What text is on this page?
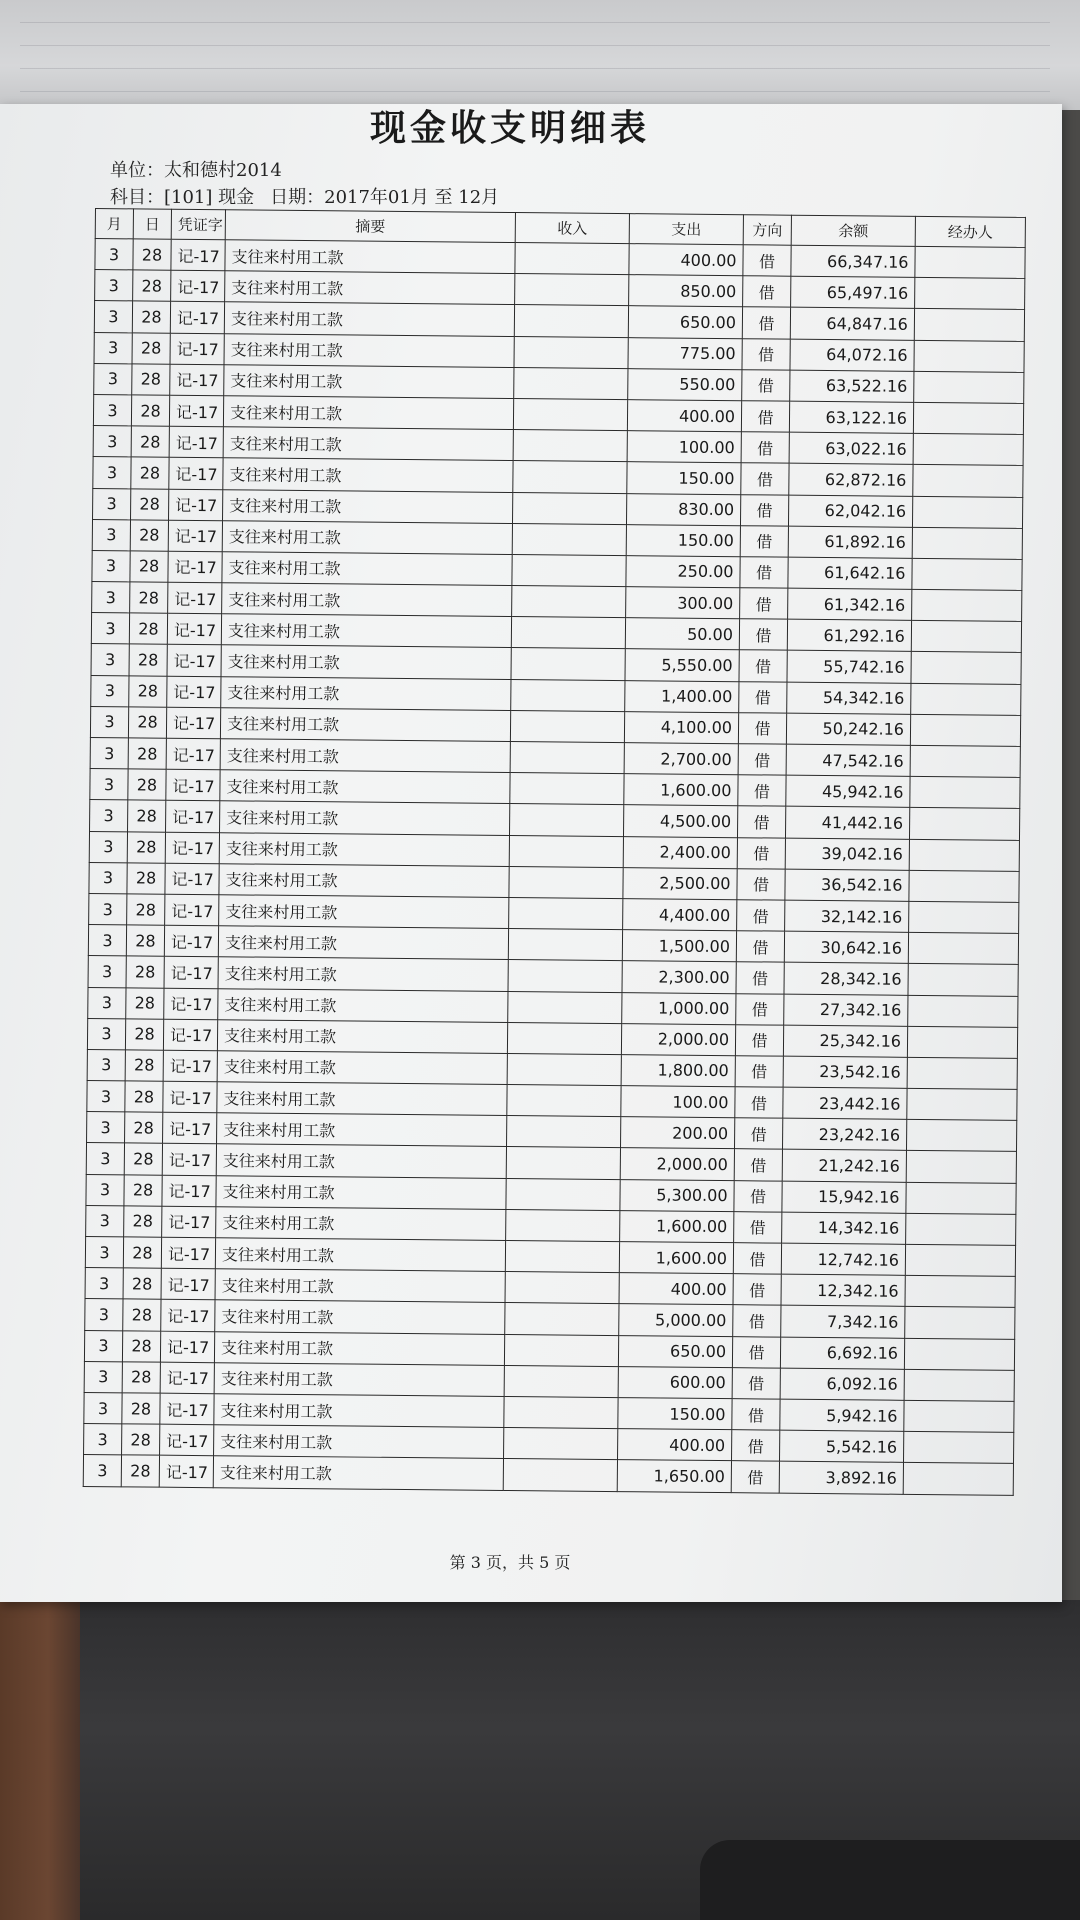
现金收支明细表
单位：太和德村2014
科目：[101] 现金 日期：2017年01月 至 12月
月	日	凭证字	摘要	收入	支出	方向	余额	经办人
3	28	记-17	支往来村用工款		400.00	借	66,347.16	
3	28	记-17	支往来村用工款		850.00	借	65,497.16	
3	28	记-17	支往来村用工款		650.00	借	64,847.16	
3	28	记-17	支往来村用工款		775.00	借	64,072.16	
3	28	记-17	支往来村用工款		550.00	借	63,522.16	
3	28	记-17	支往来村用工款		400.00	借	63,122.16	
3	28	记-17	支往来村用工款		100.00	借	63,022.16	
3	28	记-17	支往来村用工款		150.00	借	62,872.16	
3	28	记-17	支往来村用工款		830.00	借	62,042.16	
3	28	记-17	支往来村用工款		150.00	借	61,892.16	
3	28	记-17	支往来村用工款		250.00	借	61,642.16	
3	28	记-17	支往来村用工款		300.00	借	61,342.16	
3	28	记-17	支往来村用工款		50.00	借	61,292.16	
3	28	记-17	支往来村用工款		5,550.00	借	55,742.16	
3	28	记-17	支往来村用工款		1,400.00	借	54,342.16	
3	28	记-17	支往来村用工款		4,100.00	借	50,242.16	
3	28	记-17	支往来村用工款		2,700.00	借	47,542.16	
3	28	记-17	支往来村用工款		1,600.00	借	45,942.16	
3	28	记-17	支往来村用工款		4,500.00	借	41,442.16	
3	28	记-17	支往来村用工款		2,400.00	借	39,042.16	
3	28	记-17	支往来村用工款		2,500.00	借	36,542.16	
3	28	记-17	支往来村用工款		4,400.00	借	32,142.16	
3	28	记-17	支往来村用工款		1,500.00	借	30,642.16	
3	28	记-17	支往来村用工款		2,300.00	借	28,342.16	
3	28	记-17	支往来村用工款		1,000.00	借	27,342.16	
3	28	记-17	支往来村用工款		2,000.00	借	25,342.16	
3	28	记-17	支往来村用工款		1,800.00	借	23,542.16	
3	28	记-17	支往来村用工款		100.00	借	23,442.16	
3	28	记-17	支往来村用工款		200.00	借	23,242.16	
3	28	记-17	支往来村用工款		2,000.00	借	21,242.16	
3	28	记-17	支往来村用工款		5,300.00	借	15,942.16	
3	28	记-17	支往来村用工款		1,600.00	借	14,342.16	
3	28	记-17	支往来村用工款		1,600.00	借	12,742.16	
3	28	记-17	支往来村用工款		400.00	借	12,342.16	
3	28	记-17	支往来村用工款		5,000.00	借	7,342.16	
3	28	记-17	支往来村用工款		650.00	借	6,692.16	
3	28	记-17	支往来村用工款		600.00	借	6,092.16	
3	28	记-17	支往来村用工款		150.00	借	5,942.16	
3	28	记-17	支往来村用工款		400.00	借	5,542.16	
3	28	记-17	支往来村用工款		1,650.00	借	3,892.16	
第 3 页，共 5 页
